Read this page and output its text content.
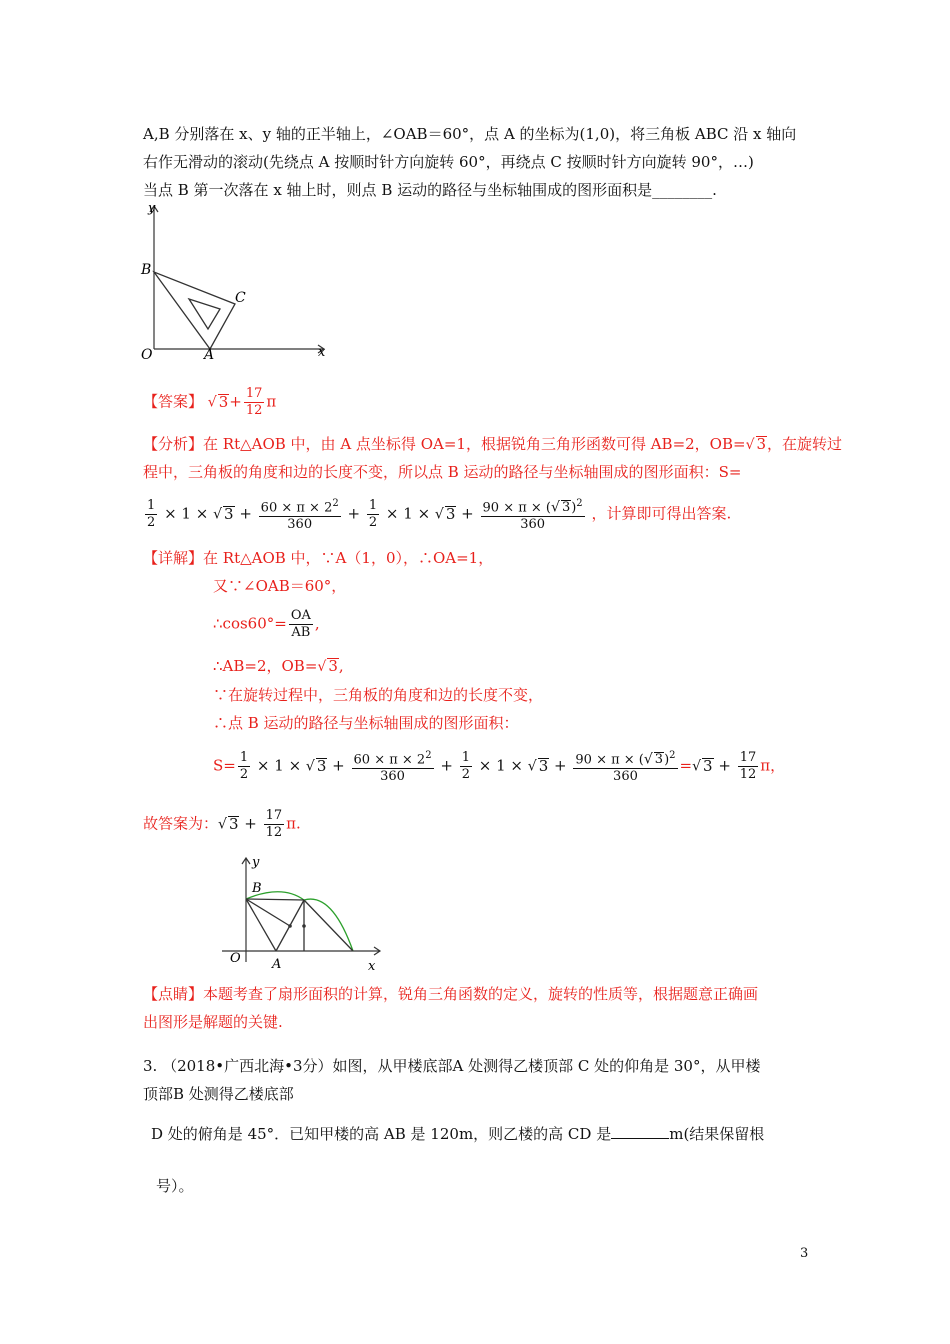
A,B 分别落在 x、y 轴的正半轴上，∠OAB＝60°，点 A 的坐标为(1,0)，将三角板 ABC 沿 x 轴向
右作无滑动的滚动(先绕点 A 按顺时针方向旋转 60°，再绕点 C 按顺时针方向旋转 90°，…)
当点 B 第一次落在 x 轴上时，则点 B 运动的路径与坐标轴围成的图形面积是________.
y
x
O	A
B
C
【答案】 √ $3+ \frac{17}{12}$ π
【分析】在 Rt△AOB 中，由 A 点坐标得 OA=1，根据锐角三角形函数可得 AB=2，OB=√ 3，在旋转过
程中，三角板的角度和边的长度不变，所以点 B 运动的路径与坐标轴围成的图形面积：S=
$\frac{1}{2} \times 1$ × √ $3 + \frac{60 \times \pi \times 2^2}{360} + \frac{1}{2} \times 1$ × √ $3 + \frac{90 \times \pi \times (√ 3)^2}{360}$ ，计算即可得出答案.
【详解】在 Rt△AOB 中，∵A（1，0），∴OA=1，
又∵∠OAB＝60°，
∴cos60°= $\frac{OA}{AB}$ ,
∴AB=2，OB=√ 3,
∵在旋转过程中，三角板的角度和边的长度不变，
∴点 B 运动的路径与坐标轴围成的图形面积：
$S= \frac{1}{2} \times 1$ × √ $3 + \frac{60 \times \pi \times 2^2}{360} + \frac{1}{2} \times 1$ × √ $3 + \frac{90 \times \pi \times (√ 3)^2}{360}$ =√ $3 + \frac{17}{12}$ π，
故答案为：√ $3 + \frac{17}{12} \pi$.
y
x
O A
B
【点睛】本题考查了扇形面积的计算，锐角三角函数的定义，旋转的性质等，根据题意正确画
出图形是解题的关键.
3. （2018•广西北海•3分）如图，从甲楼底部A 处测得乙楼顶部 C 处的仰角是 30°，从甲楼
顶部B 处测得乙楼底部
D 处的俯角是 45°．已知甲楼的高 AB 是 120m，则乙楼的高 CD 是	m(结果保留根
号）。
3
